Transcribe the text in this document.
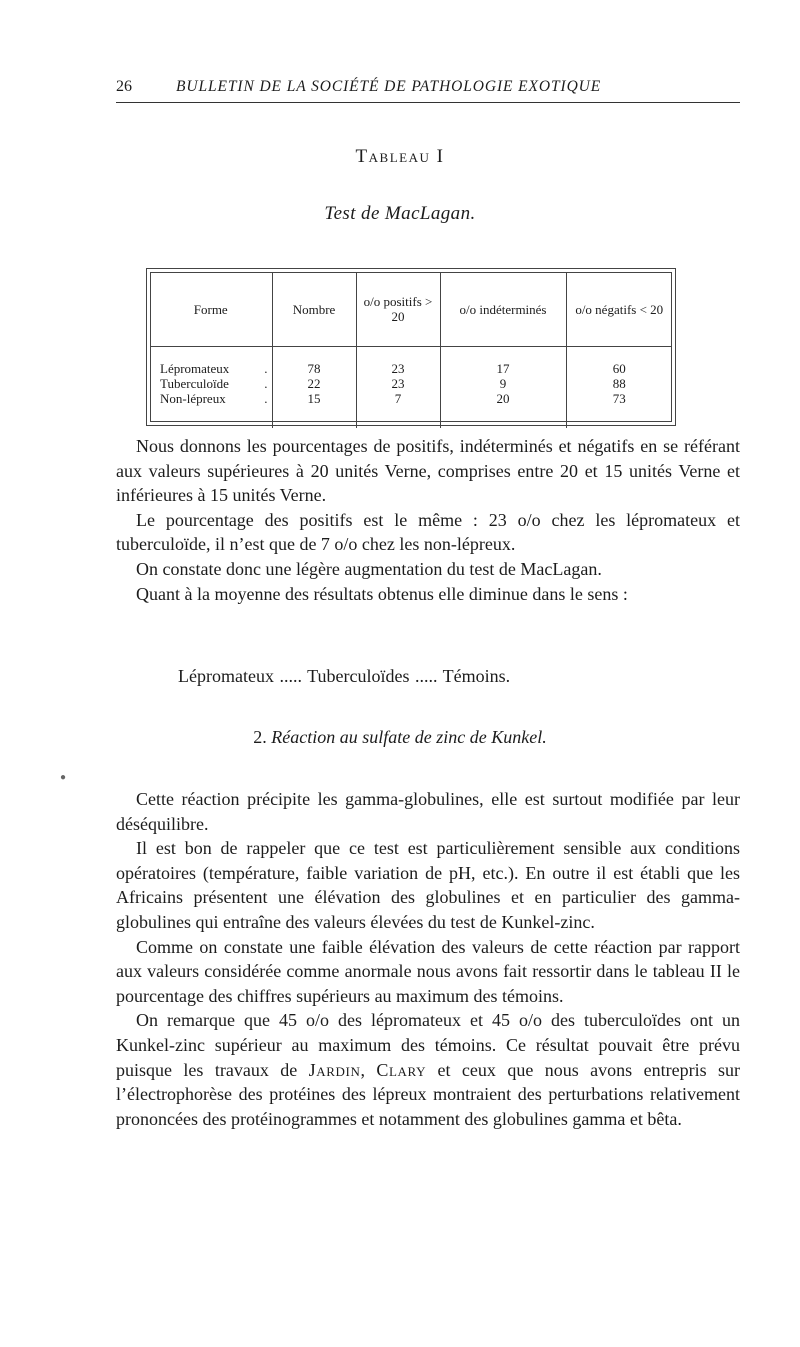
26	BULLETIN DE LA SOCIÉTÉ DE PATHOLOGIE EXOTIQUE
Tableau I
Test de MacLagan.
Forme	Nombre	o/o positifs > 20	o/o indéterminés	o/o négatifs < 20
Lépromateux .	78	23	17	60
Tuberculoïde .	22	23	9	88
Non-lépreux .	15	7	20	73

Nous donnons les pourcentages de positifs, indéterminés et négatifs en se référant aux valeurs supérieures à 20 unités Verne, comprises entre 20 et 15 unités Verne et inférieures à 15 unités Verne.

Le pourcentage des positifs est le même : 23 o/o chez les lépromateux et tuberculoïde, il n’est que de 7 o/o chez les non-lépreux.

On constate donc une légère augmentation du test de MacLagan.

Quant à la moyenne des résultats obtenus elle diminue dans le sens :

Lépromateux ..... Tuberculoïdes ..... Témoins.
2. Réaction au sulfate de zinc de Kunkel.
●

Cette réaction précipite les gamma-globulines, elle est surtout modifiée par leur déséquilibre.

Il est bon de rappeler que ce test est particulièrement sensible aux conditions opératoires (température, faible variation de pH, etc.). En outre il est établi que les Africains présentent une élévation des globulines et en particulier des gamma-globulines qui entraîne des valeurs élevées du test de Kunkel-zinc.

Comme on constate une faible élévation des valeurs de cette réaction par rapport aux valeurs considérée comme anormale nous avons fait ressortir dans le tableau II le pourcentage des chiffres supérieurs au maximum des témoins.

On remarque que 45 o/o des lépromateux et 45 o/o des tuberculoïdes ont un Kunkel-zinc supérieur au maximum des témoins. Ce résultat pouvait être prévu puisque les travaux de Jardin, Clary et ceux que nous avons entrepris sur l’électrophorèse des protéines des lépreux montraient des perturbations relativement prononcées des protéinogrammes et notamment des globulines gamma et bêta.
